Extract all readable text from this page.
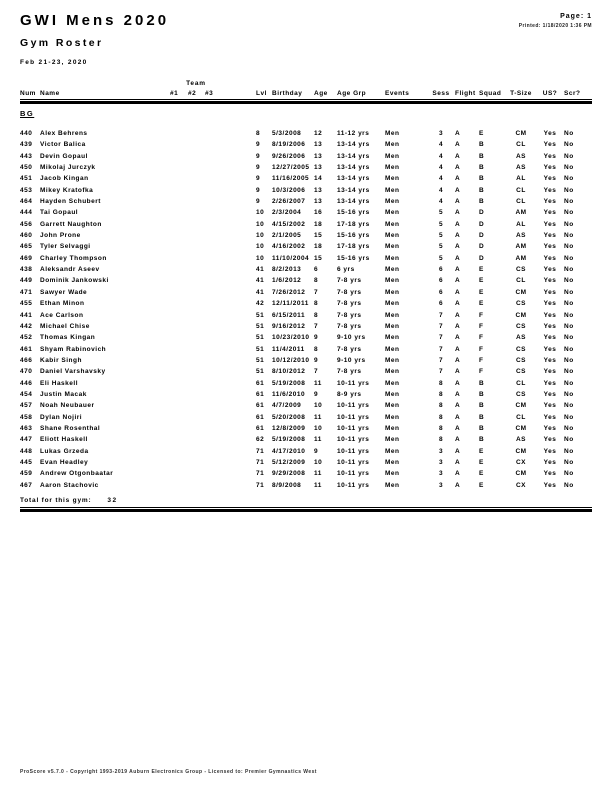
GWI Mens 2020	Page: 1
Printed: 1/18/2020 1:36 PM
Gym Roster
Feb 21-23, 2020
Team
Num Name	#1	#2	#3	Lvl Birthday	Age	Age Grp	Events	Sess Flight Squad	T-Size	US?	Scr?
BG
440	Alex Behrens	8	5/3/2008	12	11-12 yrs	Men	3	A	E	CM	Yes	No
439	Victor Balica	9	8/19/2006	13	13-14 yrs	Men	4	A	B	CL	Yes	No
443	Devin Gopaul	9	9/26/2006	13	13-14 yrs	Men	4	A	B	AS	Yes	No
450	Mikolaj Jurczyk	9	12/27/2005 13	13-14 yrs	Men	4	A	B	AS	Yes	No
451	Jacob Kingan	9	11/16/2005 14	13-14 yrs	Men	4	A	B	AL	Yes	No
453	Mikey Kratofka	9	10/3/2006	13	13-14 yrs	Men	4	A	B	CL	Yes	No
464	Hayden Schubert	9	2/26/2007	13	13-14 yrs	Men	4	A	B	CL	Yes	No
444	Tai Gopaul	10	2/3/2004	16	15-16 yrs	Men	5	A	D	AM	Yes	No
456	Garrett Naughton	10	4/15/2002	18	17-18 yrs	Men	5	A	D	AL	Yes	No
460	John Prone	10	2/1/2005	15	15-16 yrs	Men	5	A	D	AS	Yes	No
465	Tyler Selvaggi	10	4/16/2002	18	17-18 yrs	Men	5	A	D	AM	Yes	No
469	Charley Thompson	10	11/10/2004 15	15-16 yrs	Men	5	A	D	AM	Yes	No
438	Aleksandr Aseev	41	8/2/2013	6	6 yrs	Men	6	A	E	CS	Yes	No
449	Dominik Jankowski	41	1/6/2012	8	7-8 yrs	Men	6	A	E	CL	Yes	No
471	Sawyer Wade	41	7/26/2012	7	7-8 yrs	Men	6	A	E	CM	Yes	No
455	Ethan Minon	42	12/11/2011 8	7-8 yrs	Men	6	A	E	CS	Yes	No
441	Ace Carlson	51	6/15/2011	8	7-8 yrs	Men	7	A	F	CM	Yes	No
442	Michael Chise	51	9/16/2012	7	7-8 yrs	Men	7	A	F	CS	Yes	No
452	Thomas Kingan	51	10/23/2010 9	9-10 yrs	Men	7	A	F	AS	Yes	No
461	Shyam Rabinovich	51	11/4/2011	8	7-8 yrs	Men	7	A	F	CS	Yes	No
466	Kabir Singh	51	10/12/2010 9	9-10 yrs	Men	7	A	F	CS	Yes	No
470	Daniel Varshavsky	51	8/10/2012	7	7-8 yrs	Men	7	A	F	CS	Yes	No
446	Eli Haskell	61	5/19/2008	11	10-11 yrs	Men	8	A	B	CL	Yes	No
454	Justin Macak	61	11/6/2010	9	8-9 yrs	Men	8	A	B	CS	Yes	No
457	Noah Neubauer	61	4/7/2009	10	10-11 yrs	Men	8	A	B	CM	Yes	No
458	Dylan Nojiri	61	5/20/2008	11	10-11 yrs	Men	8	A	B	CL	Yes	No
463	Shane Rosenthal	61	12/8/2009	10	10-11 yrs	Men	8	A	B	CM	Yes	No
447	Eliott Haskell	62	5/19/2008	11	10-11 yrs	Men	8	A	B	AS	Yes	No
448	Lukas Grzeda	71	4/17/2010	9	10-11 yrs	Men	3	A	E	CM	Yes	No
445	Evan Headley	71	5/12/2009	10	10-11 yrs	Men	3	A	E	CX	Yes	No
459	Andrew Otgonbaatar	71	9/29/2008	11	10-11 yrs	Men	3	A	E	CM	Yes	No
467	Aaron Stachovic	71	8/9/2008	11	10-11 yrs	Men	3	A	E	CX	Yes	No
Total for this gym: 32
ProScore v5.7.0 - Copyright 1993-2019 Auburn Electronics Group - Licensed to: Premier Gymnastics West
